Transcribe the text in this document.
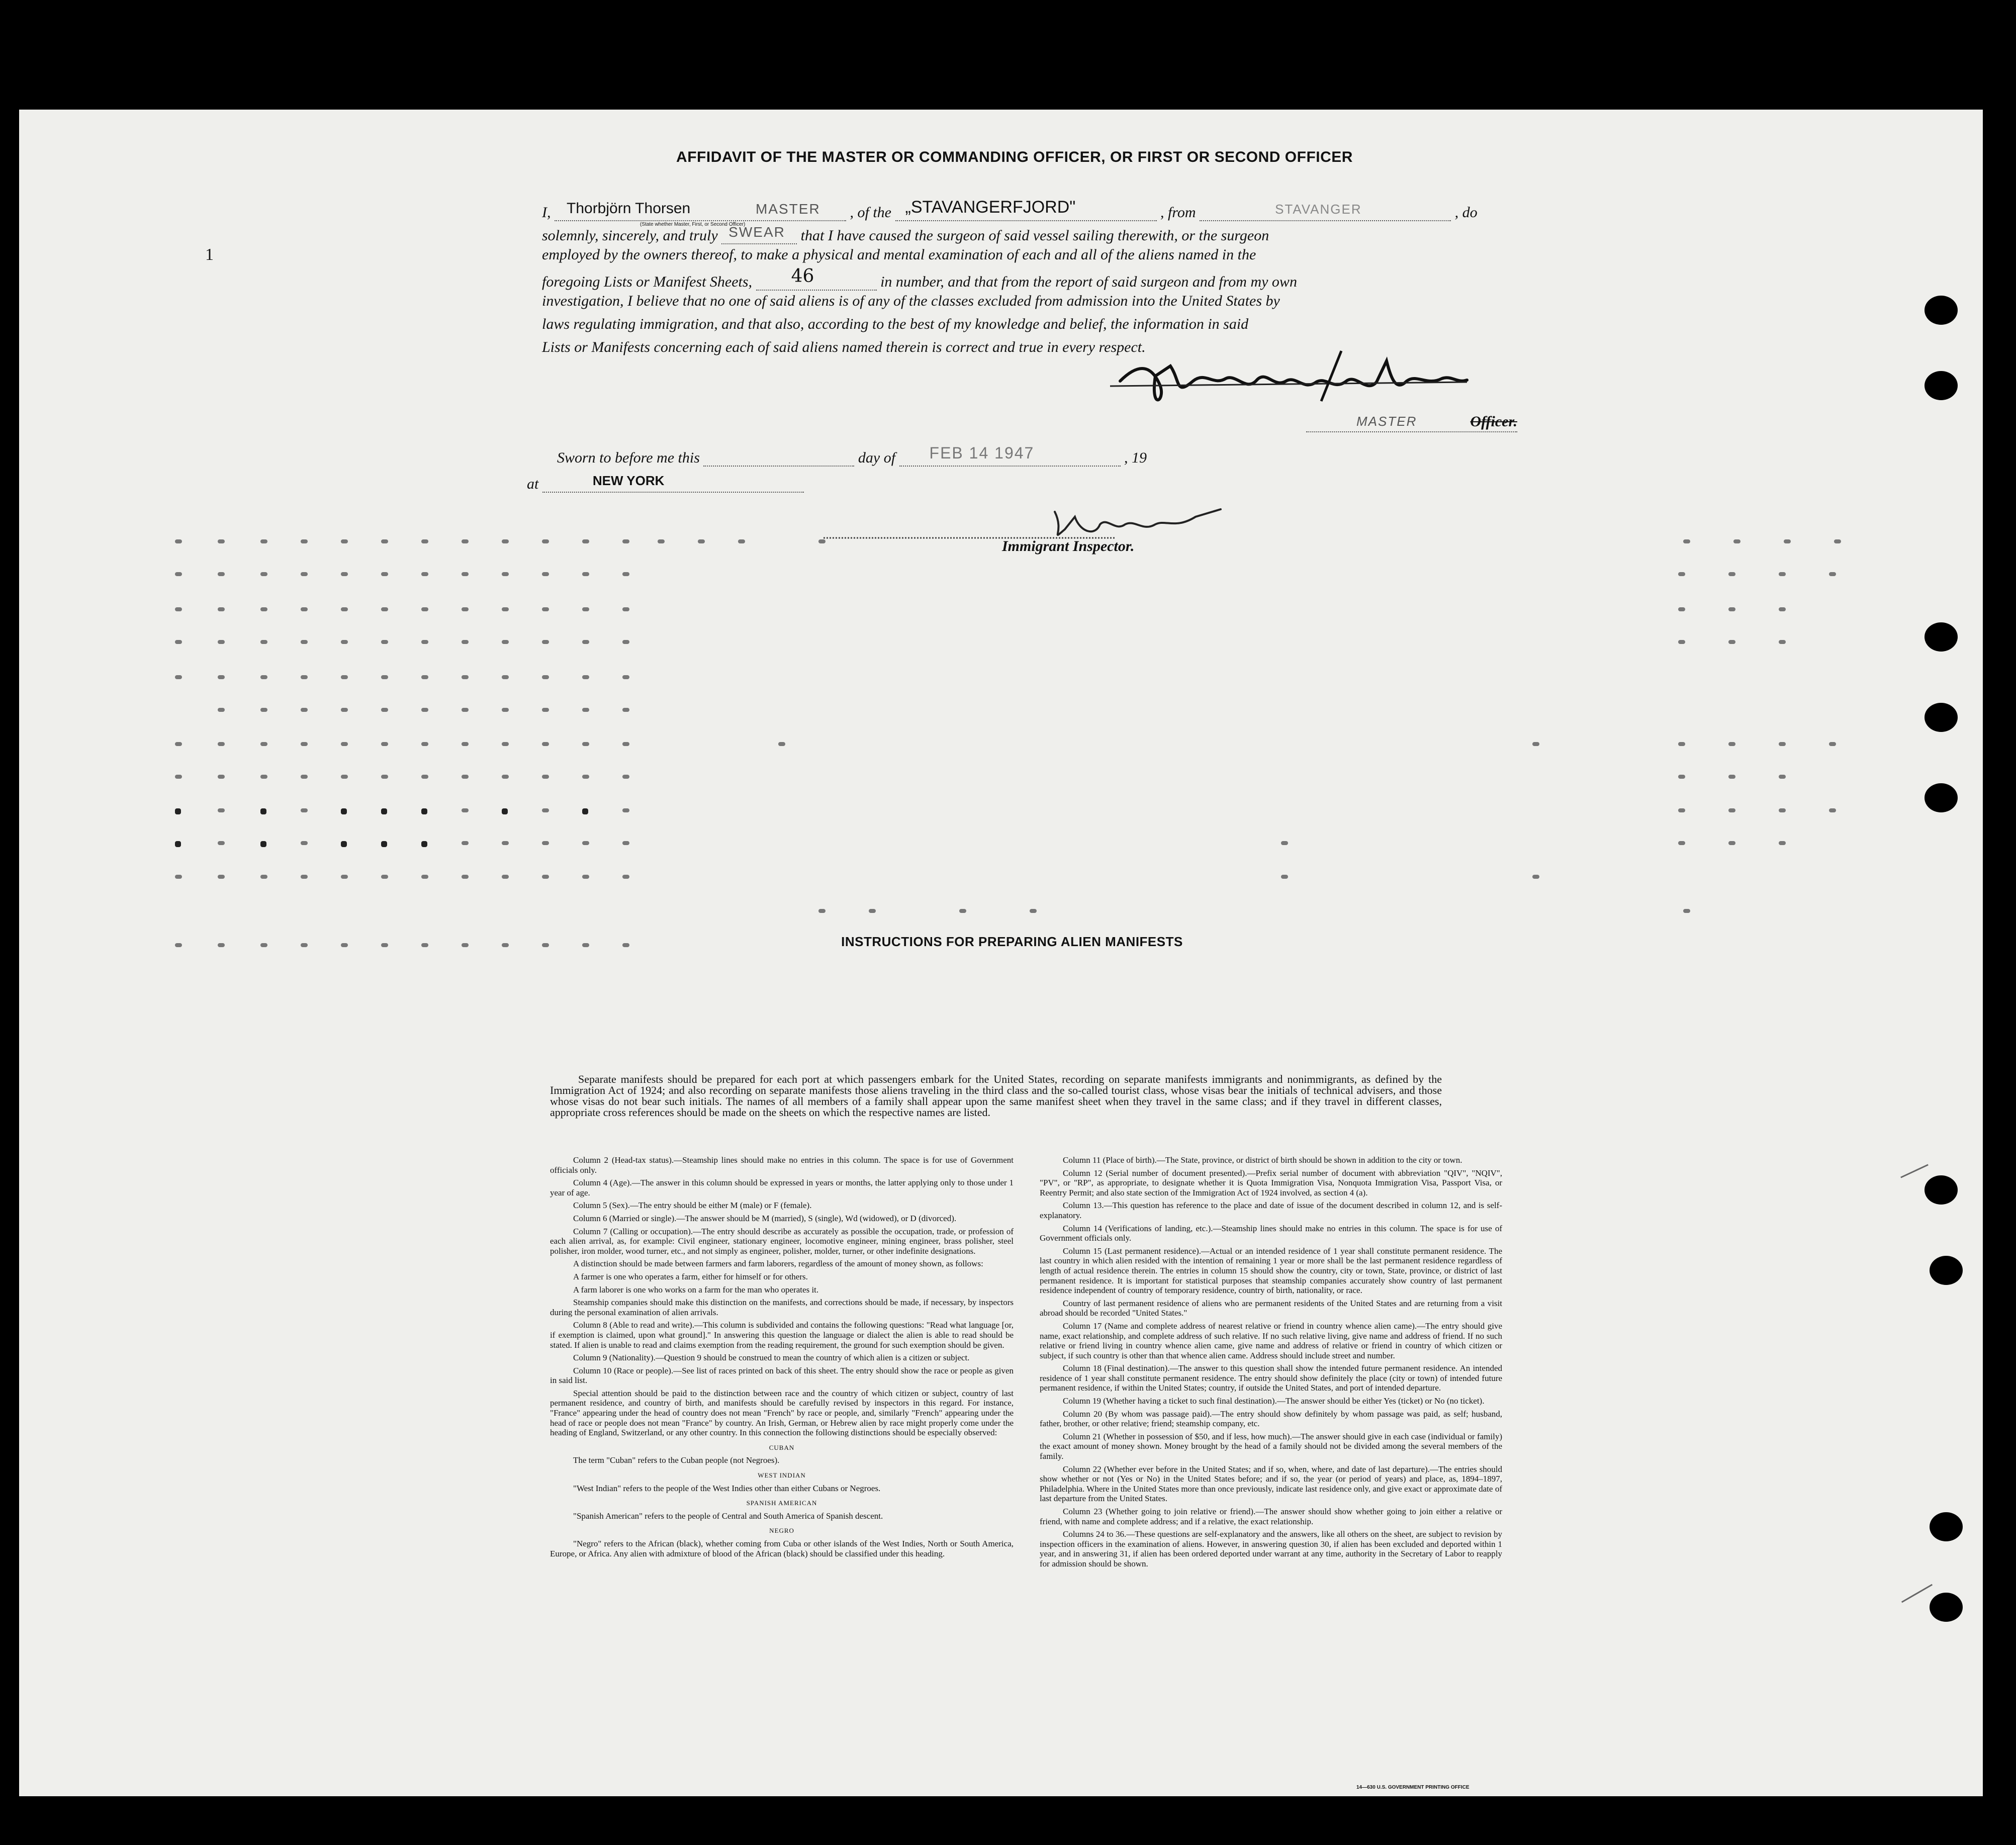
1
AFFIDAVIT OF THE MASTER OR COMMANDING OFFICER, OR FIRST OR SECOND OFFICER
I, Thorbjörn Thorsen	MASTER
(State whether Master, First, or Second Officer)
, of the „STAVANGERFJORD"	, from	STAVANGER	, do
solemnly, sincerely, and truly SWEAR that I have caused the surgeon of said vessel sailing therewith, or the surgeon
employed by the owners thereof, to make a physical and mental examination of each and all of the aliens named in the
foregoing Lists or Manifest Sheets, 46	in number, and that from the report of said surgeon and from my own
investigation, I believe that no one of said aliens is of any of the classes excluded from admission into the United States by
laws regulating immigration, and that also, according to the best of my knowledge and belief, the information in said
Lists or Manifests concerning each of said aliens named therein is correct and true in every respect.
MASTER	Officer.
Sworn to before me this	day of FEB 14 1947	, 19
at	NEW YORK
Immigrant Inspector.
INSTRUCTIONS FOR PREPARING ALIEN MANIFESTS

Separate manifests should be prepared for each port at which passengers embark for the United States, recording on separate manifests immigrants and nonimmigrants, as defined by the Immigration Act of 1924; and also recording on separate manifests those aliens traveling in the third class and the so-called tourist class, whose visas bear the initials of technical advisers, and those whose visas do not bear such initials. The names of all members of a family shall appear upon the same manifest sheet when they travel in the same class; and if they travel in different classes, appropriate cross references should be made on the sheets on which the respective names are listed.

Column 2 (Head-tax status).—Steamship lines should make no entries in this column. The space is for use of Government officials only.

Column 4 (Age).—The answer in this column should be expressed in years or months, the latter applying only to those under 1 year of age.

Column 5 (Sex).—The entry should be either M (male) or F (female).

Column 6 (Married or single).—The answer should be M (married), S (single), Wd (widowed), or D (divorced).

Column 7 (Calling or occupation).—The entry should describe as accurately as possible the occupation, trade, or profession of each alien arrival, as, for example: Civil engineer, stationary engineer, locomotive engineer, mining engineer, brass polisher, steel polisher, iron molder, wood turner, etc., and not simply as engineer, polisher, molder, turner, or other indefinite designations.

A distinction should be made between farmers and farm laborers, regardless of the amount of money shown, as follows:

A farmer is one who operates a farm, either for himself or for others.

A farm laborer is one who works on a farm for the man who operates it.

Steamship companies should make this distinction on the manifests, and corrections should be made, if necessary, by inspectors during the personal examination of alien arrivals.

Column 8 (Able to read and write).—This column is subdivided and contains the following questions: "Read what language [or, if exemption is claimed, upon what ground]." In answering this question the language or dialect the alien is able to read should be stated. If alien is unable to read and claims exemption from the reading requirement, the ground for such exemption should be given.

Column 9 (Nationality).—Question 9 should be construed to mean the country of which alien is a citizen or subject.

Column 10 (Race or people).—See list of races printed on back of this sheet. The entry should show the race or people as given in said list.

Special attention should be paid to the distinction between race and the country of which citizen or subject, country of last permanent residence, and country of birth, and manifests should be carefully revised by inspectors in this regard. For instance, "France" appearing under the head of country does not mean "French" by race or people, and, similarly "French" appearing under the head of race or people does not mean "France" by country. An Irish, German, or Hebrew alien by race might properly come under the heading of England, Switzerland, or any other country. In this connection the following distinctions should be especially observed:

CUBAN

The term "Cuban" refers to the Cuban people (not Negroes).

WEST INDIAN

"West Indian" refers to the people of the West Indies other than either Cubans or Negroes.

SPANISH AMERICAN

"Spanish American" refers to the people of Central and South America of Spanish descent.

NEGRO

"Negro" refers to the African (black), whether coming from Cuba or other islands of the West Indies, North or South America, Europe, or Africa. Any alien with admixture of blood of the African (black) should be classified under this heading.

Column 11 (Place of birth).—The State, province, or district of birth should be shown in addition to the city or town.

Column 12 (Serial number of document presented).—Prefix serial number of document with abbreviation "QIV", "NQIV", "PV", or "RP", as appropriate, to designate whether it is Quota Immigration Visa, Nonquota Immigration Visa, Passport Visa, or Reentry Permit; and also state section of the Immigration Act of 1924 involved, as section 4 (a).

Column 13.—This question has reference to the place and date of issue of the document described in column 12, and is self-explanatory.

Column 14 (Verifications of landing, etc.).—Steamship lines should make no entries in this column. The space is for use of Government officials only.

Column 15 (Last permanent residence).—Actual or an intended residence of 1 year shall constitute permanent residence. The last country in which alien resided with the intention of remaining 1 year or more shall be the last permanent residence regardless of length of actual residence therein. The entries in column 15 should show the country, city or town, State, province, or district of last permanent residence. It is important for statistical purposes that steamship companies accurately show country of last permanent residence independent of country of temporary residence, country of birth, nationality, or race.

Country of last permanent residence of aliens who are permanent residents of the United States and are returning from a visit abroad should be recorded "United States."

Column 17 (Name and complete address of nearest relative or friend in country whence alien came).—The entry should give name, exact relationship, and complete address of such relative. If no such relative living, give name and address of friend. If no such relative or friend living in country whence alien came, give name and address of relative or friend in country of which citizen or subject, if such country is other than that whence alien came. Address should include street and number.

Column 18 (Final destination).—The answer to this question shall show the intended future permanent residence. An intended residence of 1 year shall constitute permanent residence. The entry should show definitely the place (city or town) of intended future permanent residence, if within the United States; country, if outside the United States, and port of intended departure.

Column 19 (Whether having a ticket to such final destination).—The answer should be either Yes (ticket) or No (no ticket).

Column 20 (By whom was passage paid).—The entry should show definitely by whom passage was paid, as self; husband, father, brother, or other relative; friend; steamship company, etc.

Column 21 (Whether in possession of $50, and if less, how much).—The answer should give in each case (individual or family) the exact amount of money shown. Money brought by the head of a family should not be divided among the several members of the family.

Column 22 (Whether ever before in the United States; and if so, when, where, and date of last departure).—The entries should show whether or not (Yes or No) in the United States before; and if so, the year (or period of years) and place, as, 1894–1897, Philadelphia. Where in the United States more than once previously, indicate last residence only, and give exact or approximate date of last departure from the United States.

Column 23 (Whether going to join relative or friend).—The answer should show whether going to join either a relative or friend, with name and complete address; and if a relative, the exact relationship.

Columns 24 to 36.—These questions are self-explanatory and the answers, like all others on the sheet, are subject to revision by inspection officers in the examination of aliens. However, in answering question 30, if alien has been excluded and deported within 1 year, and in answering 31, if alien has been ordered deported under warrant at any time, authority in the Secretary of Labor to reapply for admission should be shown.

14—630 U.S. GOVERNMENT PRINTING OFFICE
